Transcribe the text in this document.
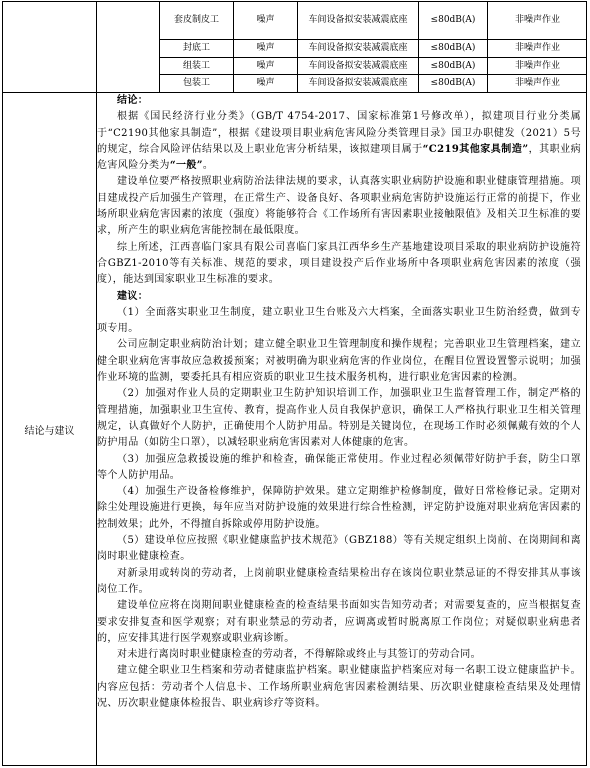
套皮制皮工	噪声	车间设备拟安装减震底座	≤80dB(A)	非噪声作业
封底工	噪声	车间设备拟安装减震底座	≤80dB(A)	非噪声作业
组装工	噪声	车间设备拟安装减震底座	≤80dB(A)	非噪声作业
包装工	噪声	车间设备拟安装减震底座	≤80dB(A)	非噪声作业
结论与建议

结论：

根据《国民经济行业分类》（GB/T 4754-2017、国家标准第1号修改单），拟建项目行业分类属于“C2190其他家具制造”，根据《建设项目职业病危害风险分类管理目录》国卫办职健发（2021）5号的规定，综合风险评估结果以及上职业危害分析结果，该拟建项目属于“C219其他家具制造”，其职业病危害风险分类为“一般”。

建设单位要严格按照职业病防治法律法规的要求，认真落实职业病防护设施和职业健康管理措施。项目建成投产后加强生产管理，在正常生产、设备良好、各项职业病危害防护设施运行正常的前提下，作业场所职业病危害因素的浓度（强度）将能够符合《工作场所有害因素职业接触限值》及相关卫生标准的要求，所产生的职业病危害能控制在最低限度。

综上所述，江西喜临门家具有限公司喜临门家具江西华乡生产基地建设项目采取的职业病防护设施符合GBZ1-2010等有关标准、规范的要求，项目建设投产后作业场所中各项职业病危害因素的浓度（强度），能达到国家职业卫生标准的要求。

建议：

（1）全面落实职业卫生制度，建立职业卫生台账及六大档案，全面落实职业卫生防治经费，做到专项专用。

公司应制定职业病防治计划；建立健全职业卫生管理制度和操作规程；完善职业卫生管理档案，建立健全职业病危害事故应急救援预案；对被明确为职业病危害的作业岗位，在醒目位置设置警示说明；加强作业环境的监测，要委托具有相应资质的职业卫生技术服务机构，进行职业危害因素的检测。

（2）加强对作业人员的定期职业卫生防护知识培训工作，加强职业卫生监督管理工作，制定严格的管理措施，加强职业卫生宣传、教育，提高作业人员自我保护意识，确保工人严格执行职业卫生相关管理规定，认真做好个人防护，正确使用个人防护用品。特别是关键岗位，在现场工作时必须佩戴有效的个人防护用品（如防尘口罩），以减轻职业病危害因素对人体健康的危害。

（3）加强应急救援设施的维护和检查，确保能正常使用。作业过程必须佩带好防护手套，防尘口罩等个人防护用品。

（4）加强生产设备检修维护，保障防护效果。建立定期维护检修制度，做好日常检修记录。定期对除尘处理设施进行更换，每年应当对防护设施的效果进行综合性检测，评定防护设施对职业病危害因素的控制效果；此外，不得擅自拆除或停用防护设施。

（5）建设单位应按照《职业健康监护技术规范》（GBZ188）等有关规定组织上岗前、在岗期间和离岗时职业健康检查。

对新录用或转岗的劳动者，上岗前职业健康检查结果检出存在该岗位职业禁忌证的不得安排其从事该岗位工作。

建设单位应将在岗期间职业健康检查的检查结果书面如实告知劳动者；对需要复查的，应当根据复查要求安排复查和医学观察；对有职业禁忌的劳动者，应调离或暂时脱离原工作岗位；对疑似职业病患者的，应安排其进行医学观察或职业病诊断。

对未进行离岗时职业健康检查的劳动者，不得解除或终止与其签订的劳动合同。

建立健全职业卫生档案和劳动者健康监护档案。职业健康监护档案应对每一名职工设立健康监护卡。内容应包括：劳动者个人信息卡、工作场所职业病危害因素检测结果、历次职业健康检查结果及处理情况、历次职业健康体检报告、职业病诊疗等资料。
